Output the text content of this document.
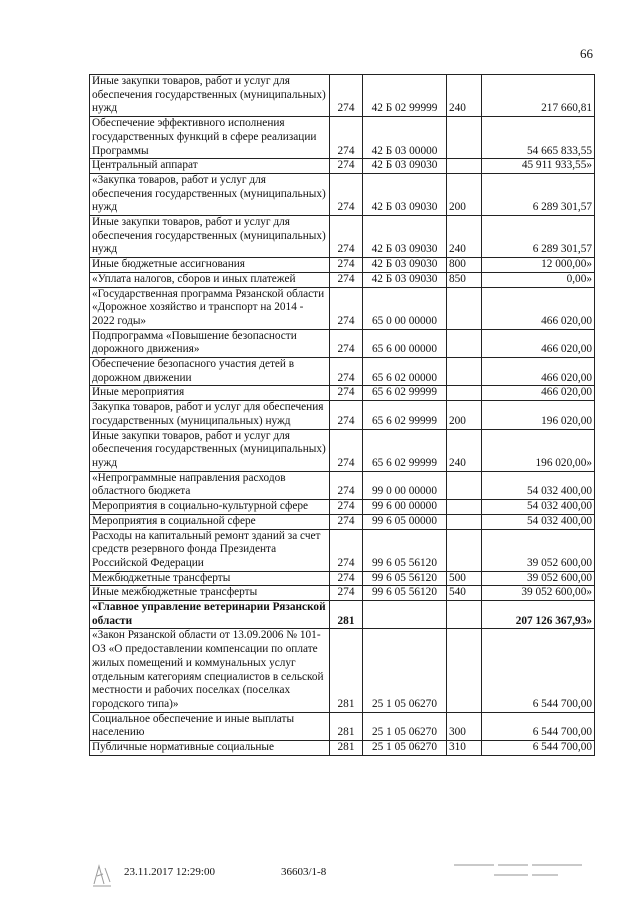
66
Иные закупки товаров, работ и услуг для обеспечения государственных (муниципальных) нужд	274	42 Б 02 99999	240	217 660,81
Обеспечение эффективного исполнения государственных функций в сфере реализации Программы	274	42 Б 03 00000		54 665 833,55
Центральный аппарат	274	42 Б 03 09030		45 911 933,55»
«Закупка товаров, работ и услуг для обеспечения государственных (муниципальных) нужд	274	42 Б 03 09030	200	6 289 301,57
Иные закупки товаров, работ и услуг для обеспечения государственных (муниципальных) нужд	274	42 Б 03 09030	240	6 289 301,57
Иные бюджетные ассигнования	274	42 Б 03 09030	800	12 000,00»
«Уплата налогов, сборов и иных платежей	274	42 Б 03 09030	850	0,00»
«Государственная программа Рязанской области «Дорожное хозяйство и транспорт на 2014 - 2022 годы»	274	65 0 00 00000		466 020,00
Подпрограмма «Повышение безопасности дорожного движения»	274	65 6 00 00000		466 020,00
Обеспечение безопасного участия детей в дорожном движении	274	65 6 02 00000		466 020,00
Иные мероприятия	274	65 6 02 99999		466 020,00
Закупка товаров, работ и услуг для обеспечения государственных (муниципальных) нужд	274	65 6 02 99999	200	196 020,00
Иные закупки товаров, работ и услуг для обеспечения государственных (муниципальных) нужд	274	65 6 02 99999	240	196 020,00»
«Непрограммные направления расходов областного бюджета	274	99 0 00 00000		54 032 400,00
Мероприятия в социально-культурной сфере	274	99 6 00 00000		54 032 400,00
Мероприятия в социальной сфере	274	99 6 05 00000		54 032 400,00
Расходы на капитальный ремонт зданий за счет средств резервного фонда Президента Российской Федерации	274	99 6 05 56120		39 052 600,00
Межбюджетные трансферты	274	99 6 05 56120	500	39 052 600,00
Иные межбюджетные трансферты	274	99 6 05 56120	540	39 052 600,00»
«Главное управление ветеринарии Рязанской области	281			207 126 367,93»
«Закон Рязанской области от 13.09.2006 № 101-ОЗ «О предоставлении компенсации по оплате жилых помещений и коммунальных услуг отдельным категориям специалистов в сельской местности и рабочих поселках (поселках городского типа)»	281	25 1 05 06270		6 544 700,00
Социальное обеспечение и иные выплаты населению	281	25 1 05 06270	300	6 544 700,00
Публичные нормативные социальные	281	25 1 05 06270	310	6 544 700,00
23.11.2017 12:29:00	36603/1-8
